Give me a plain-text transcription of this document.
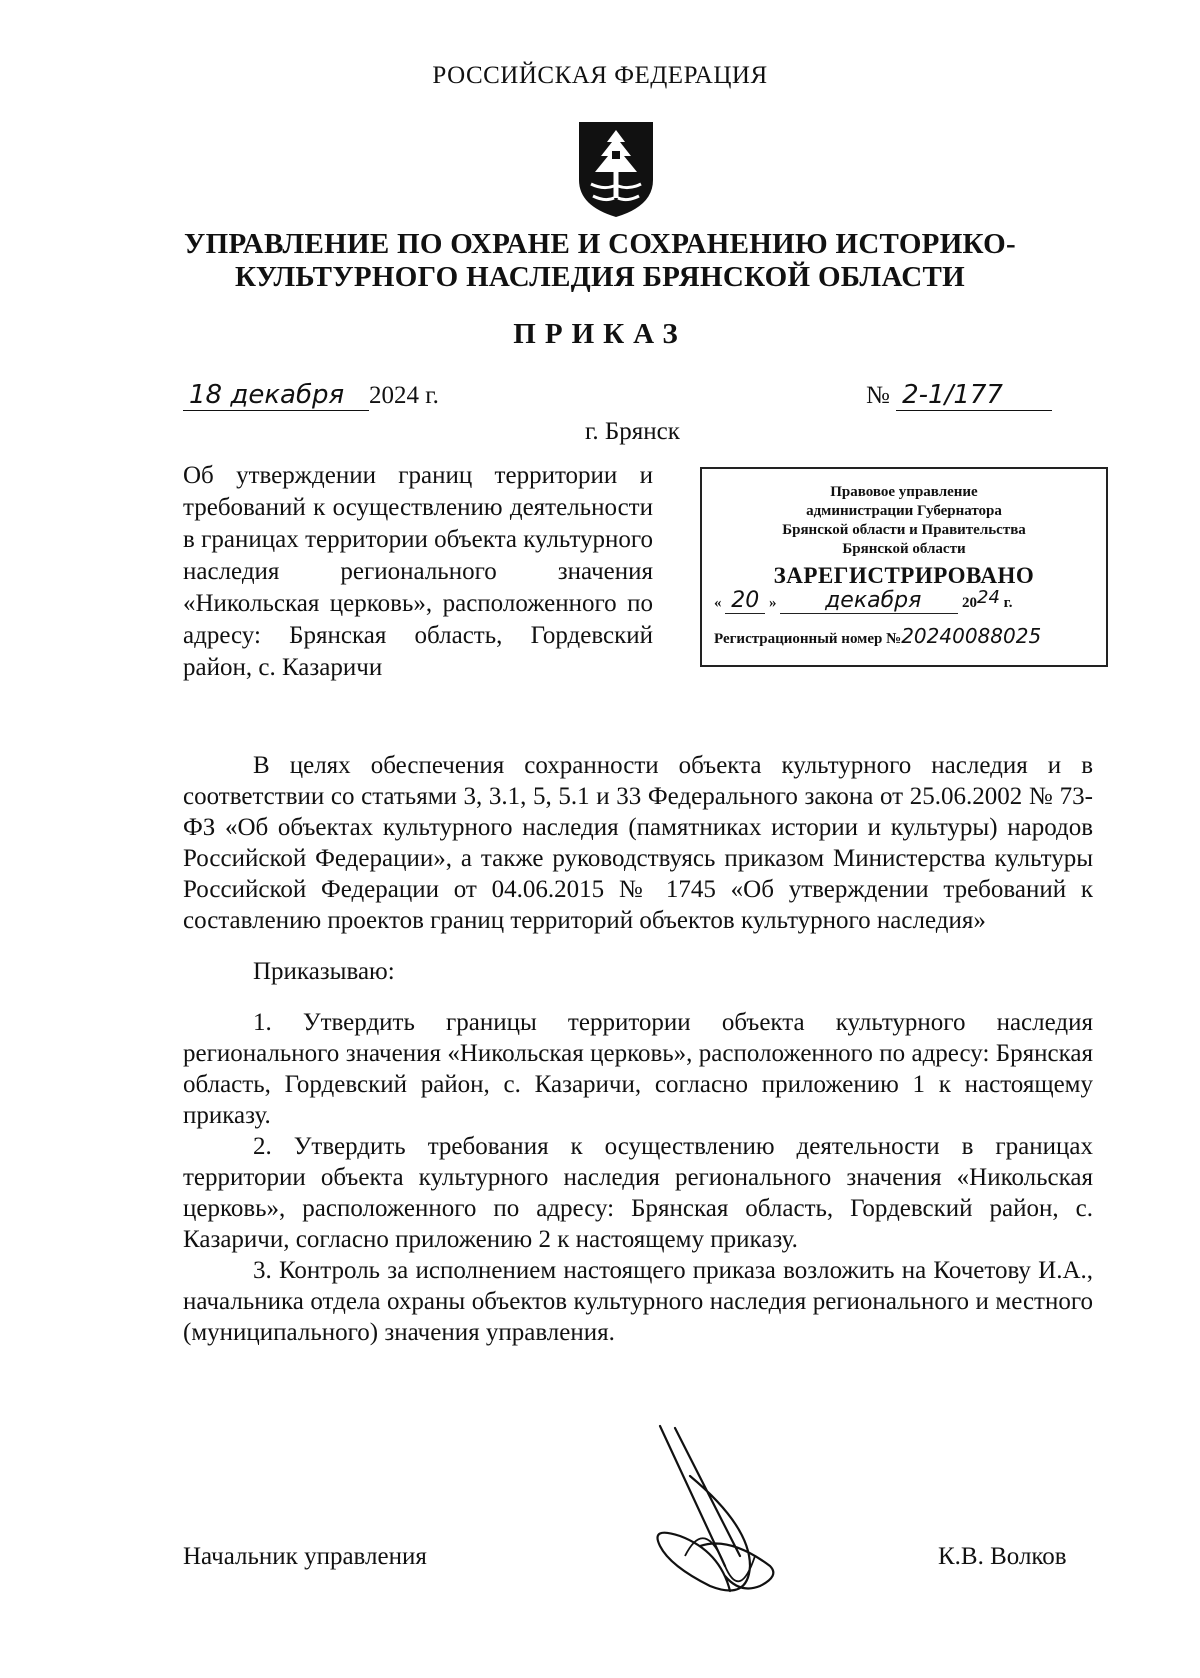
РОССИЙСКАЯ ФЕДЕРАЦИЯ
УПРАВЛЕНИЕ ПО ОХРАНЕ И СОХРАНЕНИЮ ИСТОРИКО-
КУЛЬТУРНОГО НАСЛЕДИЯ БРЯНСКОЙ ОБЛАСТИ
ПРИКАЗ
18 декабря 2024 г.	№ 2-1/177
г. Брянск
Об утверждении границ территории и требований к осуществлению деятельности в границах территории объекта культурного наследия регионального значения «Никольская церковь», расположенного по адресу: Брянская область, Гордевский район, с. Казаричи
Правовое управление
администрации Губернатора
Брянской области и Правительства
Брянской области
ЗАРЕГИСТРИРОВАНО
« 20 » декабря	2024 г.
Регистрационный номер №20240088025

В целях обеспечения сохранности объекта культурного наследия и в соответствии со статьями 3, 3.1, 5, 5.1 и 33 Федерального закона от 25.06.2002 № 73-ФЗ «Об объектах культурного наследия (памятниках истории и культуры) народов Российской Федерации», а также руководствуясь приказом Министерства культуры Российской Федерации от 04.06.2015 № 1745 «Об утверждении требований к составлению проектов границ территорий объектов культурного наследия»

Приказываю:

1. Утвердить границы территории объекта культурного наследия регионального значения «Никольская церковь», расположенного по адресу: Брянская область, Гордевский район, с. Казаричи, согласно приложению 1 к настоящему приказу.

2. Утвердить требования к осуществлению деятельности в границах территории объекта культурного наследия регионального значения «Никольская церковь», расположенного по адресу: Брянская область, Гордевский район, с. Казаричи, согласно приложению 2 к настоящему приказу.

3. Контроль за исполнением настоящего приказа возложить на Кочетову И.А., начальника отдела охраны объектов культурного наследия регионального и местного (муниципального) значения управления.

Начальник управления	К.В. Волков
